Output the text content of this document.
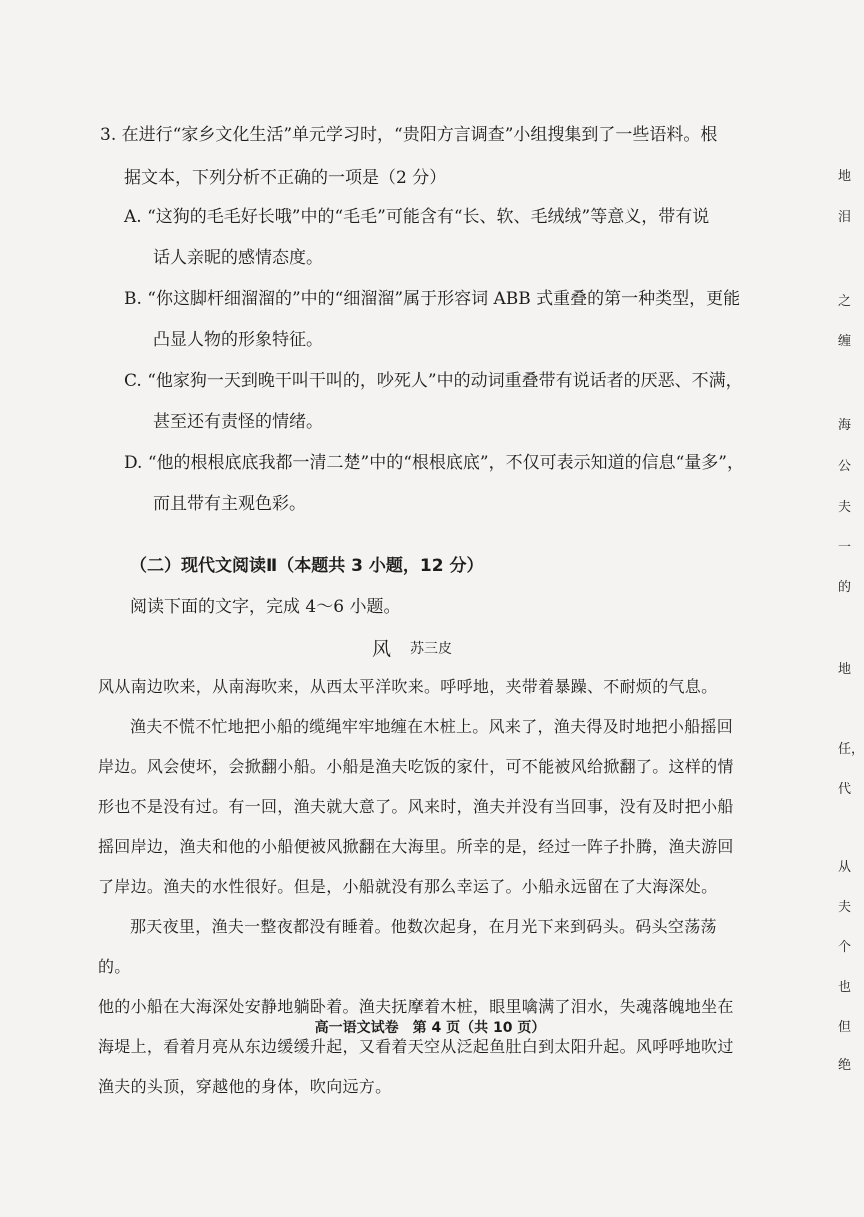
3. 在进行“家乡文化生活”单元学习时，“贵阳方言调查”小组搜集到了一些语料。根
据文本，下列分析不正确的一项是（2 分）
A. “这狗的毛毛好长哦”中的“毛毛”可能含有“长、软、毛绒绒”等意义，带有说
话人亲昵的感情态度。
B. “你这脚杆细溜溜的”中的“细溜溜”属于形容词 ABB 式重叠的第一种类型，更能
凸显人物的形象特征。
C. “他家狗一天到晚干叫干叫的，吵死人”中的动词重叠带有说话者的厌恶、不满，
甚至还有责怪的情绪。
D. “他的根根底底我都一清二楚”中的“根根底底”，不仅可表示知道的信息“量多”，
而且带有主观色彩。
（二）现代文阅读Ⅱ（本题共 3 小题，12 分）
阅读下面的文字，完成 4～6 小题。
风 苏三皮

风从南边吹来，从南海吹来，从西太平洋吹来。呼呼地，夹带着暴躁、不耐烦的气息。

渔夫不慌不忙地把小船的缆绳牢牢地缠在木桩上。风来了，渔夫得及时地把小船摇回

岸边。风会使坏，会掀翻小船。小船是渔夫吃饭的家什，可不能被风给掀翻了。这样的情

形也不是没有过。有一回，渔夫就大意了。风来时，渔夫并没有当回事，没有及时把小船

摇回岸边，渔夫和他的小船便被风掀翻在大海里。所幸的是，经过一阵子扑腾，渔夫游回

了岸边。渔夫的水性很好。但是，小船就没有那么幸运了。小船永远留在了大海深处。

那天夜里，渔夫一整夜都没有睡着。他数次起身，在月光下来到码头。码头空荡荡的。

他的小船在大海深处安静地躺卧着。渔夫抚摩着木桩，眼里噙满了泪水，失魂落魄地坐在

海堤上，看着月亮从东边缓缓升起，又看着天空从泛起鱼肚白到太阳升起。风呼呼地吹过

渔夫的头顶，穿越他的身体，吹向远方。

高一语文试卷　第 4 页（共 10 页）
地
泪
之
缠
海
公
夫
一
的
地
任，
代
从
夫
个
也
但
绝
